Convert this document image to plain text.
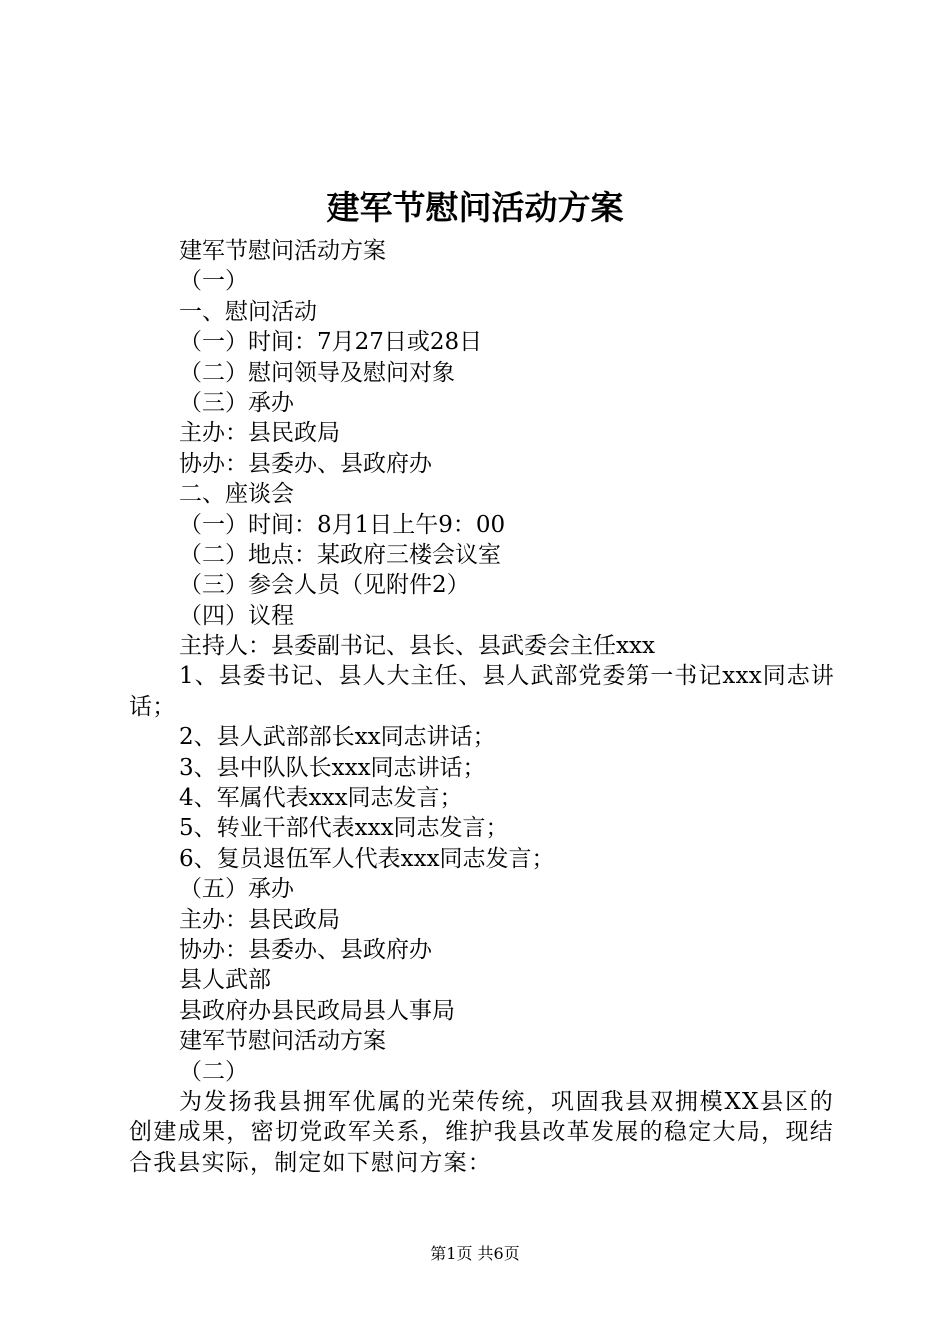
建军节慰问活动方案
建军节慰问活动方案
（一）
一、慰问活动
（一）时间：7月27日或28日
（二）慰问领导及慰问对象
（三）承办
主办：县民政局
协办：县委办、县政府办
二、座谈会
（一）时间：8月1日上午9：00
（二）地点：某政府三楼会议室
（三）参会人员（见附件2）
（四）议程
主持人：县委副书记、县长、县武委会主任xxx
1、县委书记、县人大主任、县人武部党委第一书记xxx同志讲话；
2、县人武部部长xx同志讲话；
3、县中队队长xxx同志讲话；
4、军属代表xxx同志发言；
5、转业干部代表xxx同志发言；
6、复员退伍军人代表xxx同志发言；
（五）承办
主办：县民政局
协办：县委办、县政府办
县人武部
县政府办县民政局县人事局
建军节慰问活动方案
（二）
为发扬我县拥军优属的光荣传统，巩固我县双拥模XX县区的创建成果，密切党政军关系，维护我县改革发展的稳定大局，现结合我县实际，制定如下慰问方案：
第1页 共6页
